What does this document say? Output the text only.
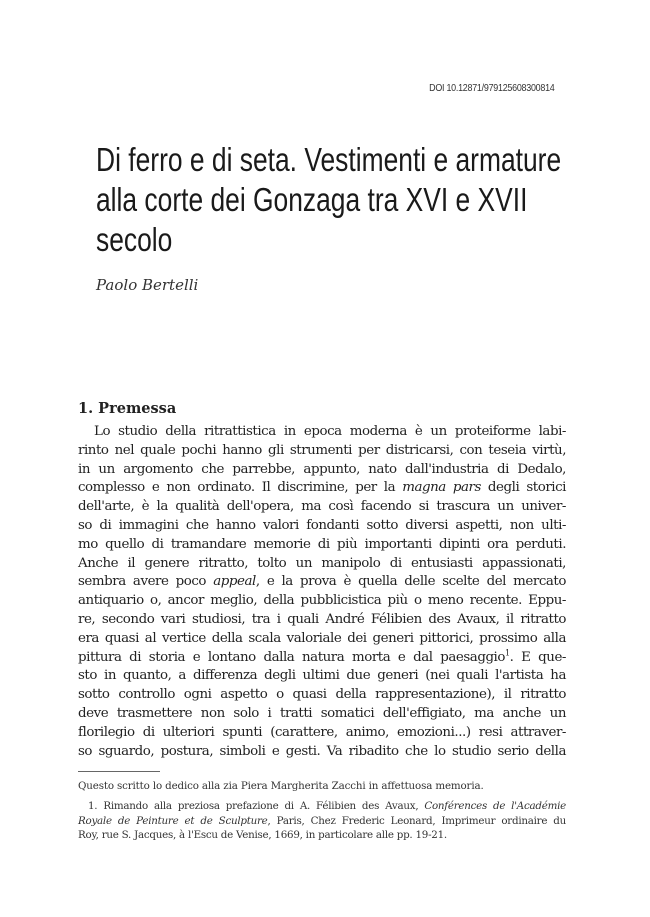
DOI 10.12871/979125608300814
Di ferro e di seta. Vestimenti e armature
alla corte dei Gonzaga tra XVI e XVII
secolo

Paolo Bertelli

1. Premessa

Lo studio della ritrattistica in epoca moderna è un proteiforme labi-
rinto nel quale pochi hanno gli strumenti per districarsi, con teseia virtù,
in un argomento che parrebbe, appunto, nato dall'industria di Dedalo,
complesso e non ordinato. Il discrimine, per la magna pars degli storici
dell'arte, è la qualità dell'opera, ma così facendo si trascura un univer-
so di immagini che hanno valori fondanti sotto diversi aspetti, non ulti-
mo quello di tramandare memorie di più importanti dipinti ora perduti.
Anche il genere ritratto, tolto un manipolo di entusiasti appassionati,
sembra avere poco appeal, e la prova è quella delle scelte del mercato
antiquario o, ancor meglio, della pubblicistica più o meno recente. Eppu-
re, secondo vari studiosi, tra i quali André Félibien des Avaux, il ritratto
era quasi al vertice della scala valoriale dei generi pittorici, prossimo alla
pittura di storia e lontano dalla natura morta e dal paesaggio$^1$. E que-
sto in quanto, a differenza degli ultimi due generi (nei quali l'artista ha
sotto controllo ogni aspetto o quasi della rappresentazione), il ritratto
deve trasmettere non solo i tratti somatici dell'effigiato, ma anche un
florilegio di ulteriori spunti (carattere, animo, emozioni...) resi attraver-
so sguardo, postura, simboli e gesti. Va ribadito che lo studio serio della

Questo scritto lo dedico alla zia Piera Margherita Zacchi in affettuosa memoria.

1. Rimando alla preziosa prefazione di A. Félibien des Avaux, Conférences de l'Académie
Royale de Peinture et de Sculpture, Paris, Chez Frederic Leonard, Imprimeur ordinaire du
Roy, rue S. Jacques, à l'Escu de Venise, 1669, in particolare alle pp. 19-21.
